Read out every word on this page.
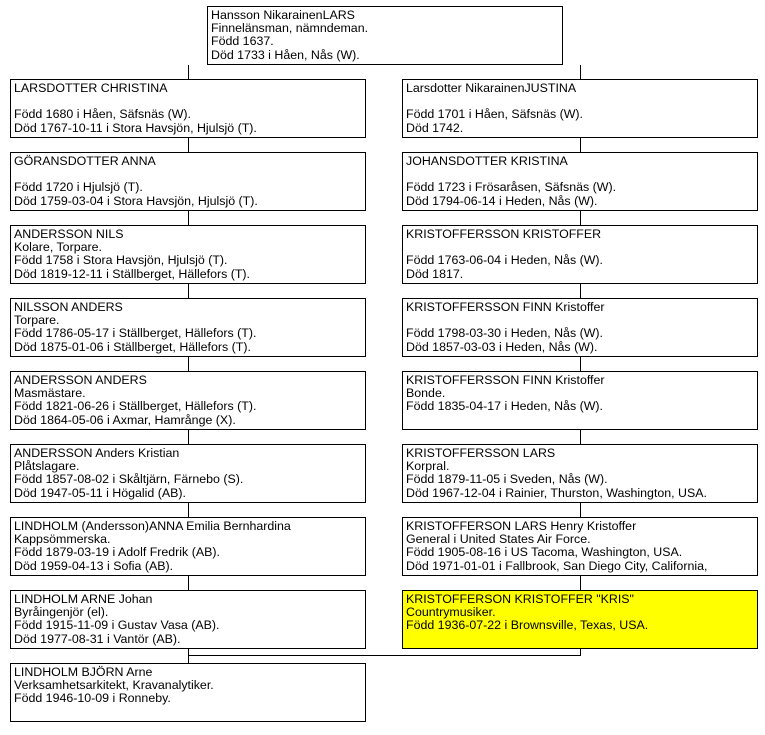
Hansson NikarainenLARS
Finnelänsman, nämndeman.
Född 1637.
Död 1733 i Håen, Nås (W).
LARSDOTTER CHRISTINA
Född 1680 i Håen, Säfsnäs (W).
Död 1767-10-11 i Stora Havsjön, Hjulsjö (T).
GÖRANSDOTTER ANNA
Född 1720 i Hjulsjö (T).
Död 1759-03-04 i Stora Havsjön, Hjulsjö (T).
ANDERSSON NILS
Kolare, Torpare.
Född 1758 i Stora Havsjön, Hjulsjö (T).
Död 1819-12-11 i Ställberget, Hällefors (T).
NILSSON ANDERS
Torpare.
Född 1786-05-17 i Ställberget, Hällefors (T).
Död 1875-01-06 i Ställberget, Hällefors (T).
ANDERSSON ANDERS
Masmästare.
Född 1821-06-26 i Ställberget, Hällefors (T).
Död 1864-05-06 i Axmar, Hamrånge (X).
ANDERSSON Anders Kristian
Plåtslagare.
Född 1857-08-02 i Skåltjärn, Färnebo (S).
Död 1947-05-11 i Högalid (AB).
LINDHOLM (Andersson)ANNA Emilia Bernhardina
Kappsömmerska.
Född 1879-03-19 i Adolf Fredrik (AB).
Död 1959-04-13 i Sofia (AB).
LINDHOLM ARNE Johan
Byråingenjör (el).
Född 1915-11-09 i Gustav Vasa (AB).
Död 1977-08-31 i Vantör (AB).
LINDHOLM BJÖRN Arne
Verksamhetsarkitekt, Kravanalytiker.
Född 1946-10-09 i Ronneby.
Larsdotter NikarainenJUSTINA
Född 1701 i Håen, Säfsnäs (W).
Död 1742.
JOHANSDOTTER KRISTINA
Född 1723 i Frösaråsen, Säfsnäs (W).
Död 1794-06-14 i Heden, Nås (W).
KRISTOFFERSSON KRISTOFFER
Född 1763-06-04 i Heden, Nås (W).
Död 1817.
KRISTOFFERSSON FINN Kristoffer
Född 1798-03-30 i Heden, Nås (W).
Död 1857-03-03 i Heden, Nås (W).
KRISTOFFERSSON FINN Kristoffer
Bonde.
Född 1835-04-17 i Heden, Nås (W).
KRISTOFFERSSON LARS
Korpral.
Född 1879-11-05 i Sveden, Nås (W).
Död 1967-12-04 i Rainier, Thurston, Washington, USA.
KRISTOFFERSON LARS Henry Kristoffer
General i United States Air Force.
Född 1905-08-16 i US Tacoma, Washington, USA.
Död 1971-01-01 i Fallbrook, San Diego City, California,
KRISTOFFERSON KRISTOFFER "KRIS"
Countrymusiker.
Född 1936-07-22 i Brownsville, Texas, USA.
